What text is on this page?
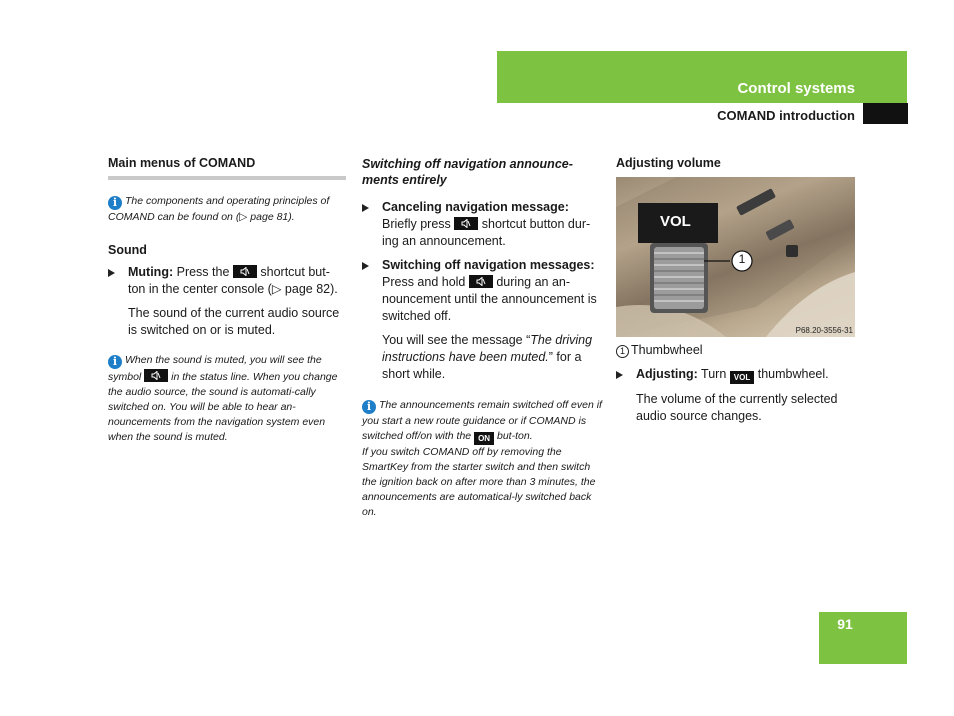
Control systems
COMAND introduction
Main menus of COMAND
i The components and operating principles of COMAND can be found on (▷ page 81).
Sound
Muting: Press the shortcut but-ton in the center console (▷ page 82).
The sound of the current audio source is switched on or is muted.
i When the sound is muted, you will see the symbol	in the status line. When you change the audio source, the sound is automati-cally switched on. You will be able to hear an-nouncements from the navigation system even when the sound is muted.
Switching off navigation announce-ments entirely
Canceling navigation message:
Briefly press shortcut button dur-ing an announcement.
Switching off navigation messages:
Press and hold during an an-nouncement until the announcement is switched off.
You will see the message “The driving instructions have been muted.” for a short while.
i The announcements remain switched off even if you start a new route guidance or if COMAND is switched off/on with the ON but-ton.
If you switch COMAND off by removing the SmartKey from the starter switch and then switch the ignition back on after more than 3 minutes, the announcements are automatical-ly switched back on.
Adjusting volume
VOL
1
P68.20-3556-31
1 Thumbwheel
Adjusting: Turn VOL thumbwheel.
The volume of the currently selected audio source changes.
91
